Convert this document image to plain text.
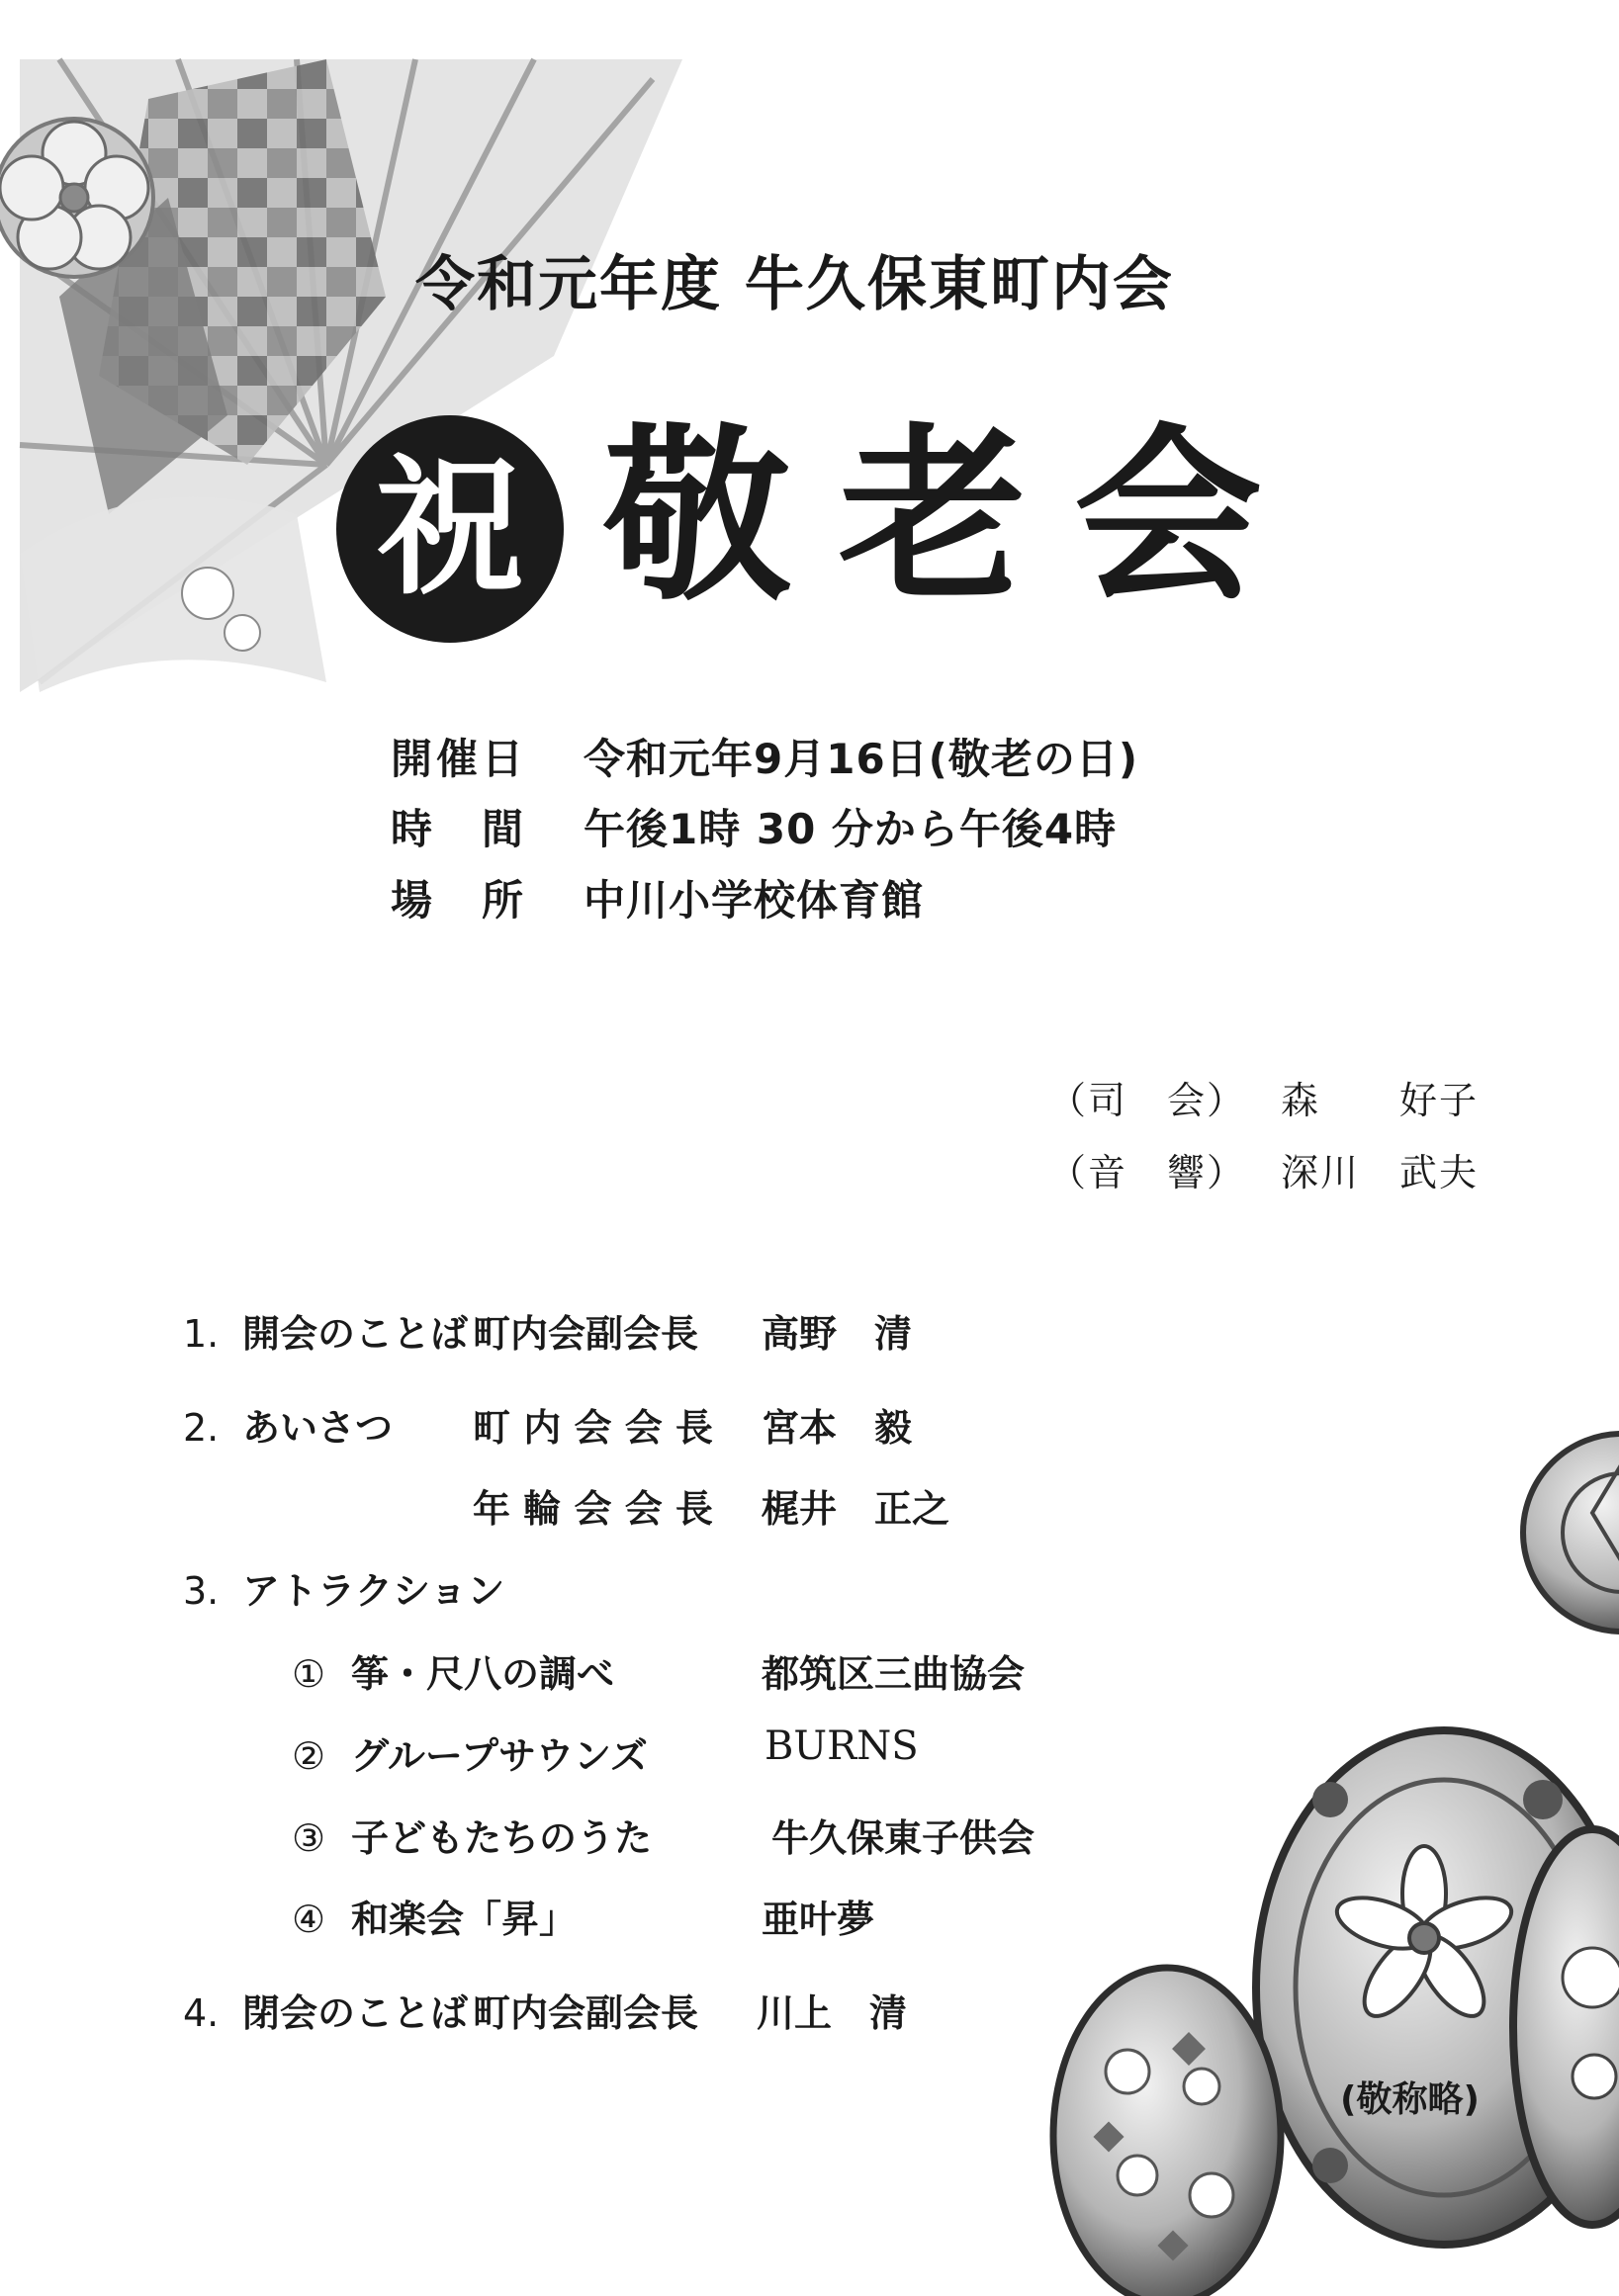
令和元年度 牛久保東町内会
祝 敬老会
開催日	令和元年9月16日(敬老の日)
時　間	午後1時 30 分から午後4時
場　所	中川小学校体育館
（司　会） 森　　好子
（音　響） 深川　武夫
1. 開会のことば 町内会副会長 高野　清
2. あいさつ 町 内 会 会 長 宮本　毅
年 輪 会 会 長 梶井　正之
3. アトラクション
① 筝・尺八の調べ	都筑区三曲協会
② グループサウンズ	BURNS
③ 子どもたちのうた	牛久保東子供会
④ 和楽会「昇」	亜叶夢
4. 閉会のことば 町内会副会長 川上　清
(敬称略)
